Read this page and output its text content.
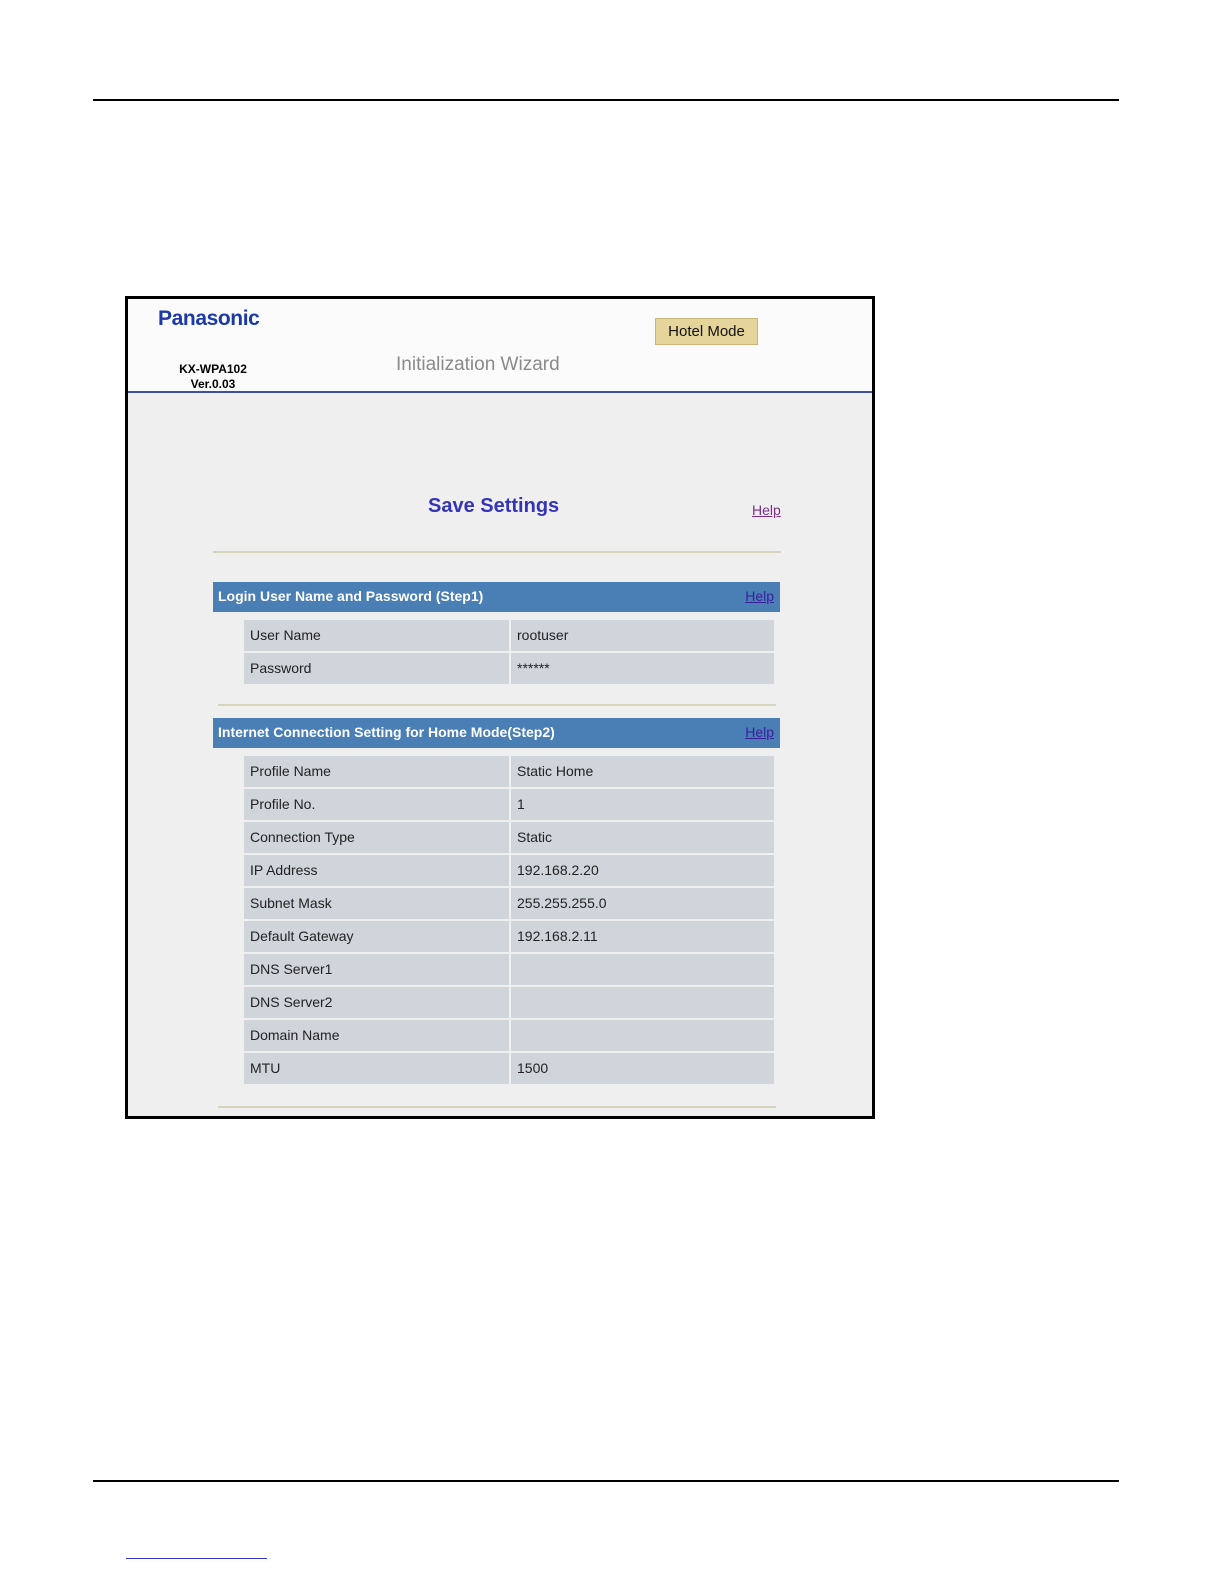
Panasonic
KX-WPA102
Ver.0.03
Initialization Wizard
Hotel Mode
Save Settings	Help
Login User Name and Password (Step1)	Help
User Name	rootuser
Password	******
Internet Connection Setting for Home Mode(Step2)	Help
Profile Name	Static Home
Profile No.	1
Connection Type	Static
IP Address	192.168.2.20
Subnet Mask	255.255.255.0
Default Gateway	192.168.2.11
DNS Server1
DNS Server2
Domain Name
MTU	1500
